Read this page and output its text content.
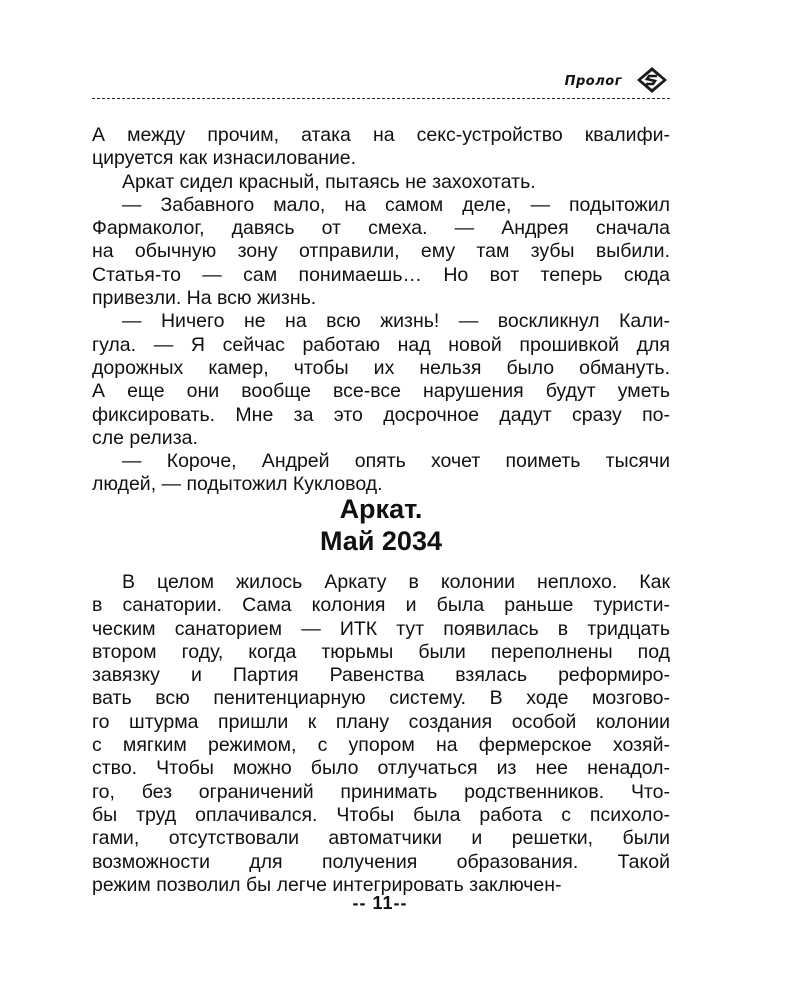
Пролог

А между прочим, атака на секс-устройство квалифи-

цируется как изнасилование.

Аркат сидел красный, пытаясь не захохотать.

— Забавного мало, на самом деле, — подытожил

Фармаколог, давясь от смеха. — Андрея сначала

на обычную зону отправили, ему там зубы выбили.

Статья-то — сам понимаешь… Но вот теперь сюда

привезли. На всю жизнь.

— Ничего не на всю жизнь! — воскликнул Кали-

гула. — Я сейчас работаю над новой прошивкой для

дорожных камер, чтобы их нельзя было обмануть.

А еще они вообще все-все нарушения будут уметь

фиксировать. Мне за это досрочное дадут сразу по-

сле релиза.

— Короче, Андрей опять хочет поиметь тысячи

людей, — подытожил Кукловод.

Аркат.
Май 2034

В целом жилось Аркату в колонии неплохо. Как

в санатории. Сама колония и была раньше туристи-

ческим санаторием — ИТК тут появилась в тридцать

втором году, когда тюрьмы были переполнены под

завязку и Партия Равенства взялась реформиро-

вать всю пенитенциарную систему. В ходе мозгово-

го штурма пришли к плану создания особой колонии

с мягким режимом, с упором на фермерское хозяй-

ство. Чтобы можно было отлучаться из нее ненадол-

го, без ограничений принимать родственников. Что-

бы труд оплачивался. Чтобы была работа с психоло-

гами, отсутствовали автоматчики и решетки, были

возможности для получения образования. Такой

режим позволил бы легче интегрировать заключен-

-- 11--
